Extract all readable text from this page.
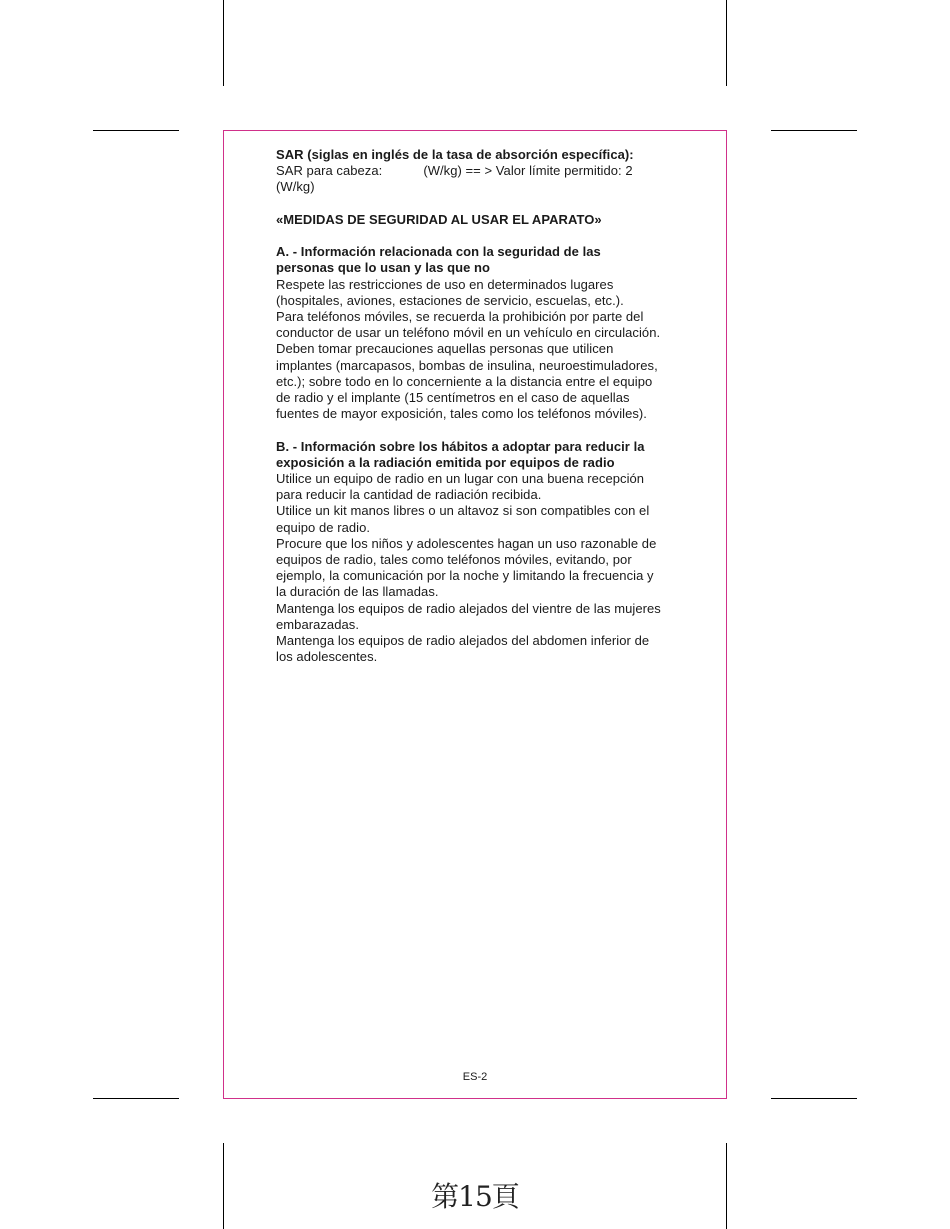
SAR (siglas en inglés de la tasa de absorción específica):

SAR para cabeza:	(W/kg) == > Valor límite permitido: 2

(W/kg)

«MEDIDAS DE SEGURIDAD AL USAR EL APARATO»

A. - Información relacionada con la seguridad de las

personas que lo usan y las que no

Respete las restricciones de uso en determinados lugares

(hospitales, aviones, estaciones de servicio, escuelas, etc.).

Para teléfonos móviles, se recuerda la prohibición por parte del

conductor de usar un teléfono móvil en un vehículo en circulación.

Deben tomar precauciones aquellas personas que utilicen

implantes (marcapasos, bombas de insulina, neuroestimuladores,

etc.); sobre todo en lo concerniente a la distancia entre el equipo

de radio y el implante (15 centímetros en el caso de aquellas

fuentes de mayor exposición, tales como los teléfonos móviles).

B. - Información sobre los hábitos a adoptar para reducir la

exposición a la radiación emitida por equipos de radio

Utilice un equipo de radio en un lugar con una buena recepción

para reducir la cantidad de radiación recibida.

Utilice un kit manos libres o un altavoz si son compatibles con el

equipo de radio.

Procure que los niños y adolescentes hagan un uso razonable de

equipos de radio, tales como teléfonos móviles, evitando, por

ejemplo, la comunicación por la noche y limitando la frecuencia y

la duración de las llamadas.

Mantenga los equipos de radio alejados del vientre de las mujeres

embarazadas.

Mantenga los equipos de radio alejados del abdomen inferior de

los adolescentes.

ES-2
第15頁
